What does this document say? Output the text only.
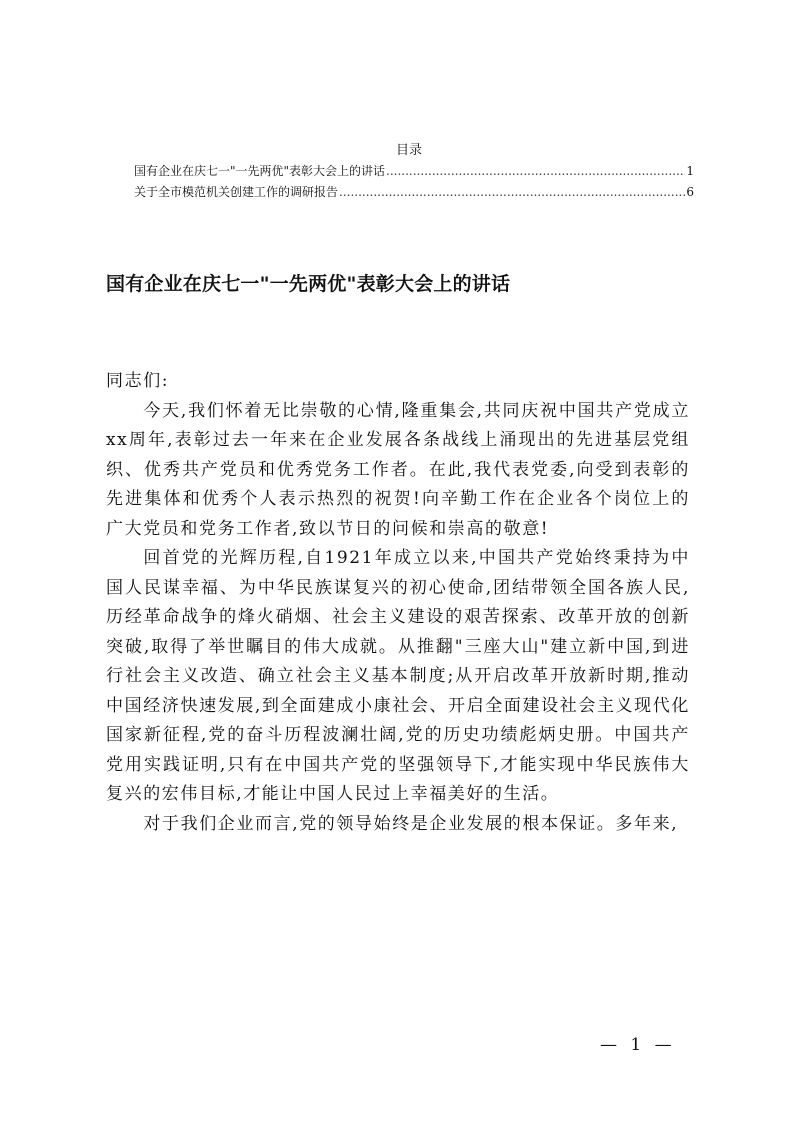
目录
国有企业在庆七一"一先两优"表彰大会上的讲话 .....	1
关于全市模范机关创建工作的调研报告 .....	6
国有企业在庆七一"一先两优"表彰大会上的讲话

同志们:

今天,我们怀着无比崇敬的心情,隆重集会,共同庆祝中国共产党成立xx周年,表彰过去一年来在企业发展各条战线上涌现出的先进基层党组织、优秀共产党员和优秀党务工作者。在此,我代表党委,向受到表彰的先进集体和优秀个人表示热烈的祝贺!向辛勤工作在企业各个岗位上的广大党员和党务工作者,致以节日的问候和崇高的敬意!

回首党的光辉历程,自1921年成立以来,中国共产党始终秉持为中国人民谋幸福、为中华民族谋复兴的初心使命,团结带领全国各族人民,历经革命战争的烽火硝烟、社会主义建设的艰苦探索、改革开放的创新突破,取得了举世瞩目的伟大成就。从推翻"三座大山"建立新中国,到进行社会主义改造、确立社会主义基本制度;从开启改革开放新时期,推动中国经济快速发展,到全面建成小康社会、开启全面建设社会主义现代化国家新征程,党的奋斗历程波澜壮阔,党的历史功绩彪炳史册。中国共产党用实践证明,只有在中国共产党的坚强领导下,才能实现中华民族伟大复兴的宏伟目标,才能让中国人民过上幸福美好的生活。

对于我们企业而言,党的领导始终是企业发展的根本保证。多年来,

— 1 —
